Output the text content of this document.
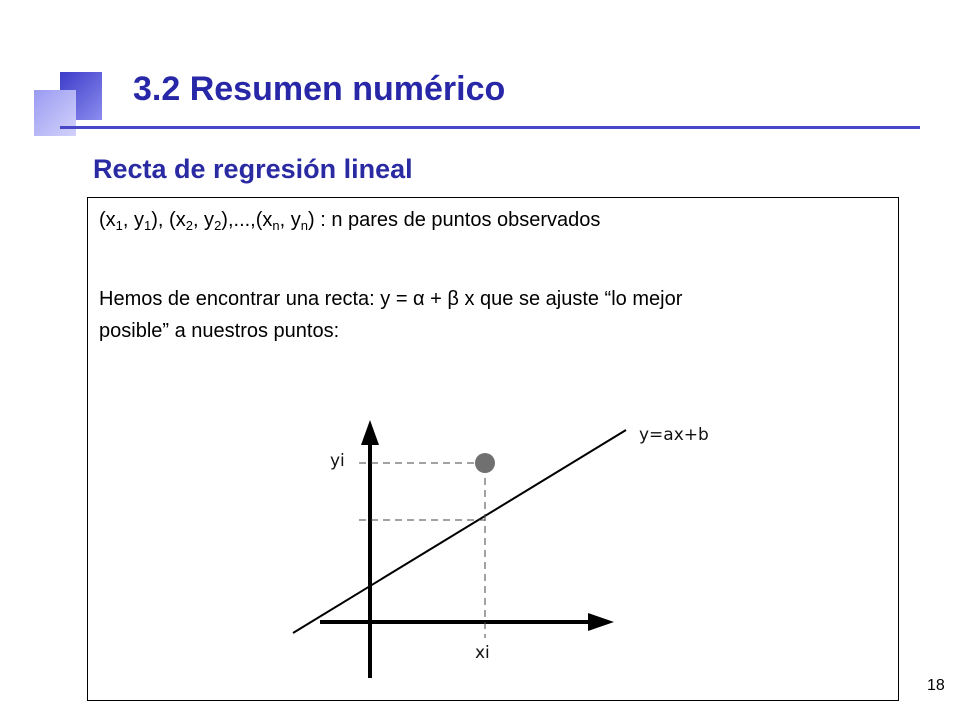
3.2 Resumen numérico
Recta de regresión lineal

($x_1$, $y_1$), ($x_2$, $y_2),...,(x_n$, $y_n$) : n pares de puntos observados

Hemos de encontrar una recta: y = α + β x que se ajuste “lo mejor

posible” a nuestros puntos:

y=ax+b
yi
xi
18
